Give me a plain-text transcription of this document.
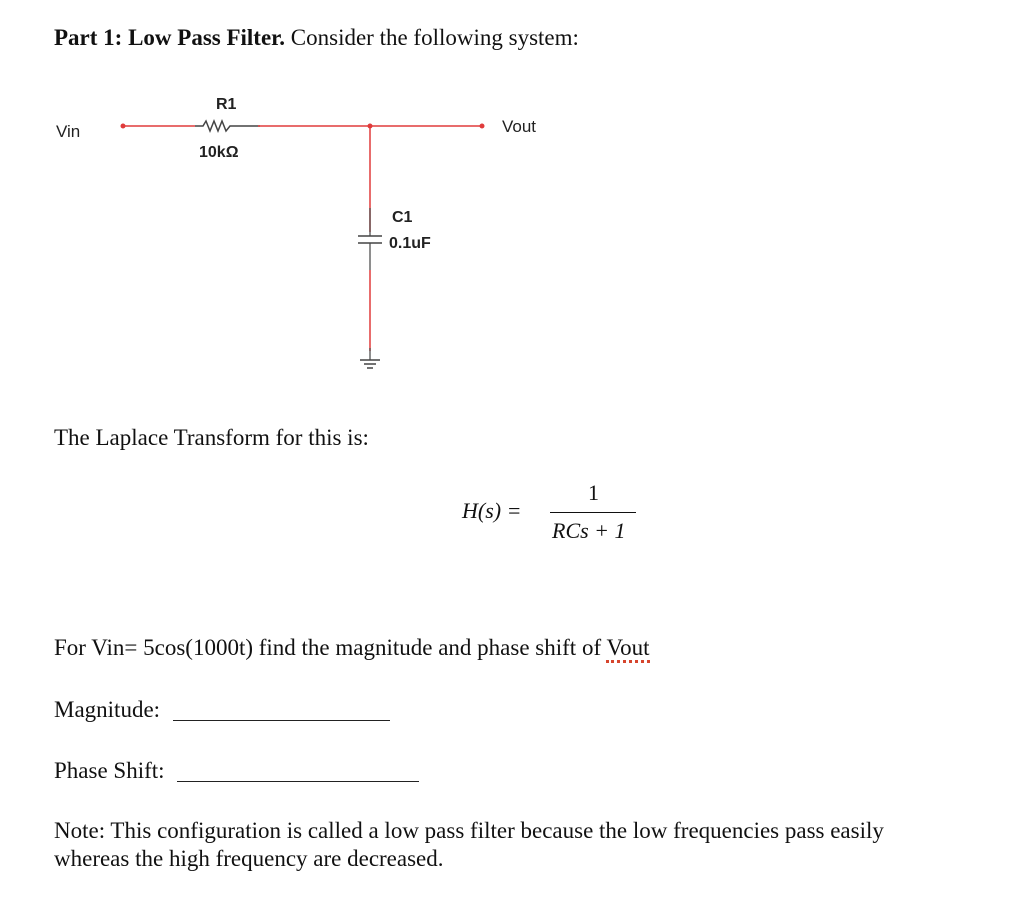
Part 1: Low Pass Filter. Consider the following system:
Vin	Vout
R1
10kΩ
C1
0.1uF
The Laplace Transform for this is:
H(s) =
1
RCs + 1
For Vin= 5cos(1000t) find the magnitude and phase shift of Vout
Magnitude:
Phase Shift:
Note: This configuration is called a low pass filter because the low frequencies pass easily
whereas the high frequency are decreased.
